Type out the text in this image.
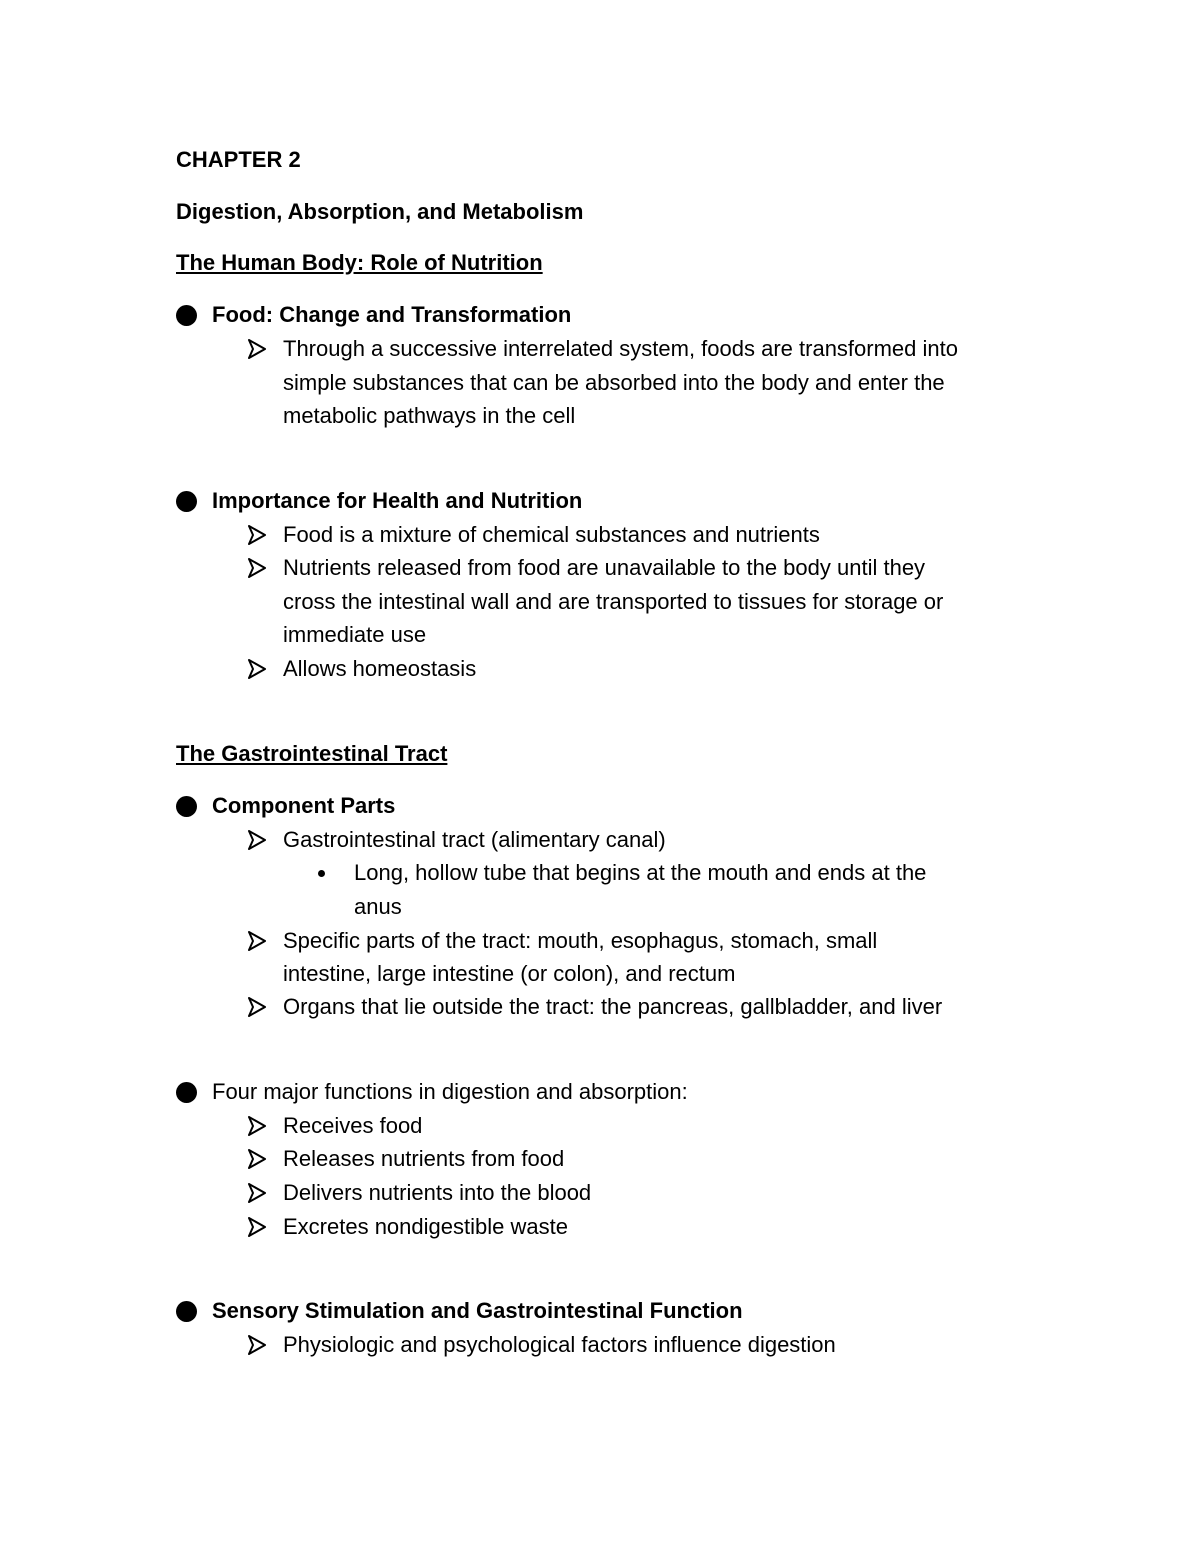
CHAPTER 2
Digestion, Absorption, and Metabolism
The Human Body: Role of Nutrition
Food: Change and Transformation
Through a successive interrelated system, foods are transformed into
simple substances that can be absorbed into the body and enter the
metabolic pathways in the cell
Importance for Health and Nutrition
Food is a mixture of chemical substances and nutrients
Nutrients released from food are unavailable to the body until they
cross the intestinal wall and are transported to tissues for storage or
immediate use
Allows homeostasis
The Gastrointestinal Tract
Component Parts
Gastrointestinal tract (alimentary canal)
Long, hollow tube that begins at the mouth and ends at the
anus
Specific parts of the tract: mouth, esophagus, stomach, small
intestine, large intestine (or colon), and rectum
Organs that lie outside the tract: the pancreas, gallbladder, and liver
Four major functions in digestion and absorption:
Receives food
Releases nutrients from food
Delivers nutrients into the blood
Excretes nondigestible waste
Sensory Stimulation and Gastrointestinal Function
Physiologic and psychological factors influence digestion
